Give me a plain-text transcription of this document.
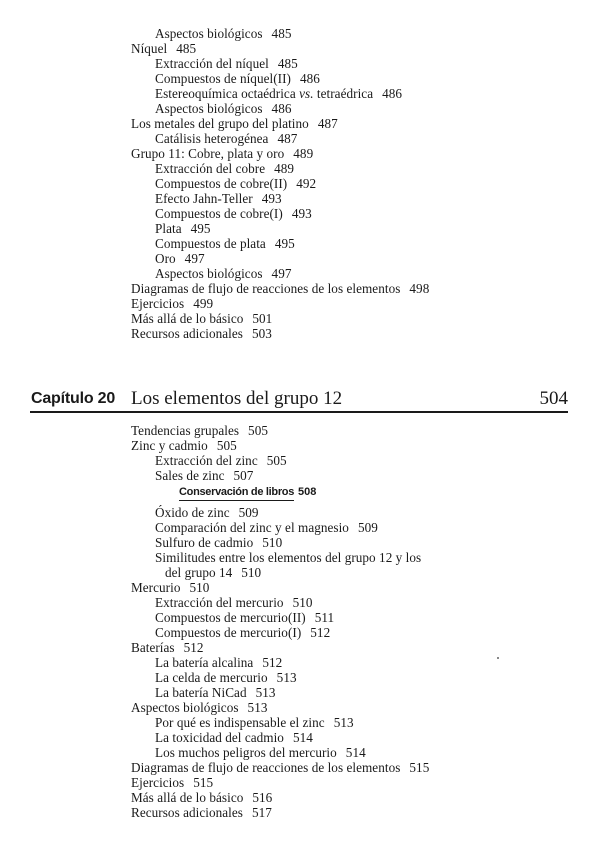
Aspectos biológicos 485
Níquel 485
Extracción del níquel 485
Compuestos de níquel(II) 486
Estereoquímica octaédrica vs. tetraédrica 486
Aspectos biológicos 486
Los metales del grupo del platino 487
Catálisis heterogénea 487
Grupo 11: Cobre, plata y oro 489
Extracción del cobre 489
Compuestos de cobre(II) 492
Efecto Jahn-Teller 493
Compuestos de cobre(I) 493
Plata 495
Compuestos de plata 495
Oro 497
Aspectos biológicos 497
Diagramas de flujo de reacciones de los elementos 498
Ejercicios 499
Más allá de lo básico 501
Recursos adicionales 503
Capítulo 20 Los elementos del grupo 12	504
Tendencias grupales 505
Zinc y cadmio 505
Extracción del zinc 505
Sales de zinc 507
Conservación de libros 508
Óxido de zinc 509
Comparación del zinc y el magnesio 509
Sulfuro de cadmio 510
Similitudes entre los elementos del grupo 12 y los
del grupo 14 510
Mercurio 510
Extracción del mercurio 510
Compuestos de mercurio(II) 511
Compuestos de mercurio(I) 512
Baterías 512
La batería alcalina 512
La celda de mercurio 513
La batería NiCad 513
Aspectos biológicos 513
Por qué es indispensable el zinc 513
La toxicidad del cadmio 514
Los muchos peligros del mercurio 514
Diagramas de flujo de reacciones de los elementos 515
Ejercicios 515
Más allá de lo básico 516
Recursos adicionales 517
